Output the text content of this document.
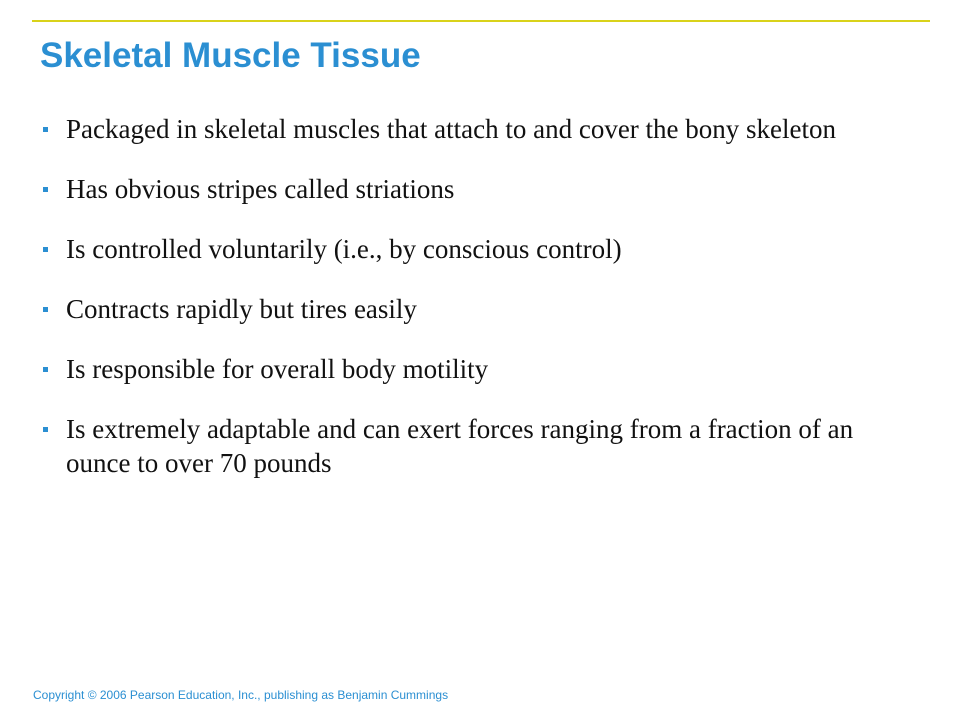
Skeletal Muscle Tissue
Packaged in skeletal muscles that attach to and cover the bony skeleton
Has obvious stripes called striations
Is controlled voluntarily (i.e., by conscious control)
Contracts rapidly but tires easily
Is responsible for overall body motility
Is extremely adaptable and can exert forces ranging from a fraction of an ounce to over 70 pounds

Copyright © 2006 Pearson Education, Inc., publishing as Benjamin Cummings
